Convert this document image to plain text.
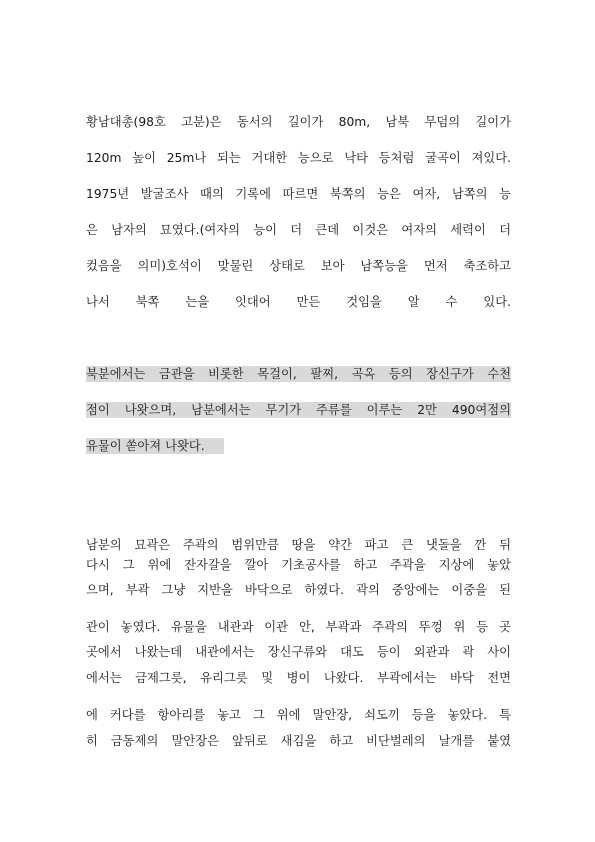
황남대총(98호 고분)은 동서의 길이가 80m, 남북 무덤의 길이가
120m 높이 25m나 되는 거대한 능으로 낙타 등처럼 굴곡이 져있다.
1975년 발굴조사 때의 기록에 따르면 북쪽의 능은 여자, 남쪽의 능
은 남자의 묘였다.(여자의 능이 더 큰데 이것은 여자의 세력이 더
컸음을 의미)호석이 맞물린 상태로 보아 남쪽능을 먼저 축조하고
나서 북쪽 는을 잇대어 만든 것임을 알 수 있다.
북분에서는 금관을 비롯한 목걸이, 팔찌, 곡옥 등의 장신구가 수천
점이 나왓으며, 남분에서는 무기가 주류를 이루는 2만 490여점의
유물이 쏟아져 나왓다.
남분의 묘곽은 주곽의 범위만큼 땅을 약간 파고 큰 냇돌을 깐 뒤
다시 그 위에 잔자갈을 깔아 기초공사를 하고 주곽을 지상에 놓았
으며, 부곽 그냥 지반을 바닥으로 하였다. 곽의 중앙에는 이중을 된
관이 놓였다. 유물을 내관과 이관 안, 부곽과 주곽의 뚜껑 위 등 곳
곳에서 나왔는데 내관에서는 장신구류와 대도 등이 외관과 곽 사이
에서는 금제그릇, 유리그릇 및 병이 나왔다. 부곽에서는 바닥 전면
에 커다를 항아리를 놓고 그 위에 말안장, 쇠도끼 등을 놓았다. 특
히 금동제의 말안장은 앞뒤로 새김을 하고 비단벌레의 날개를 붙였
